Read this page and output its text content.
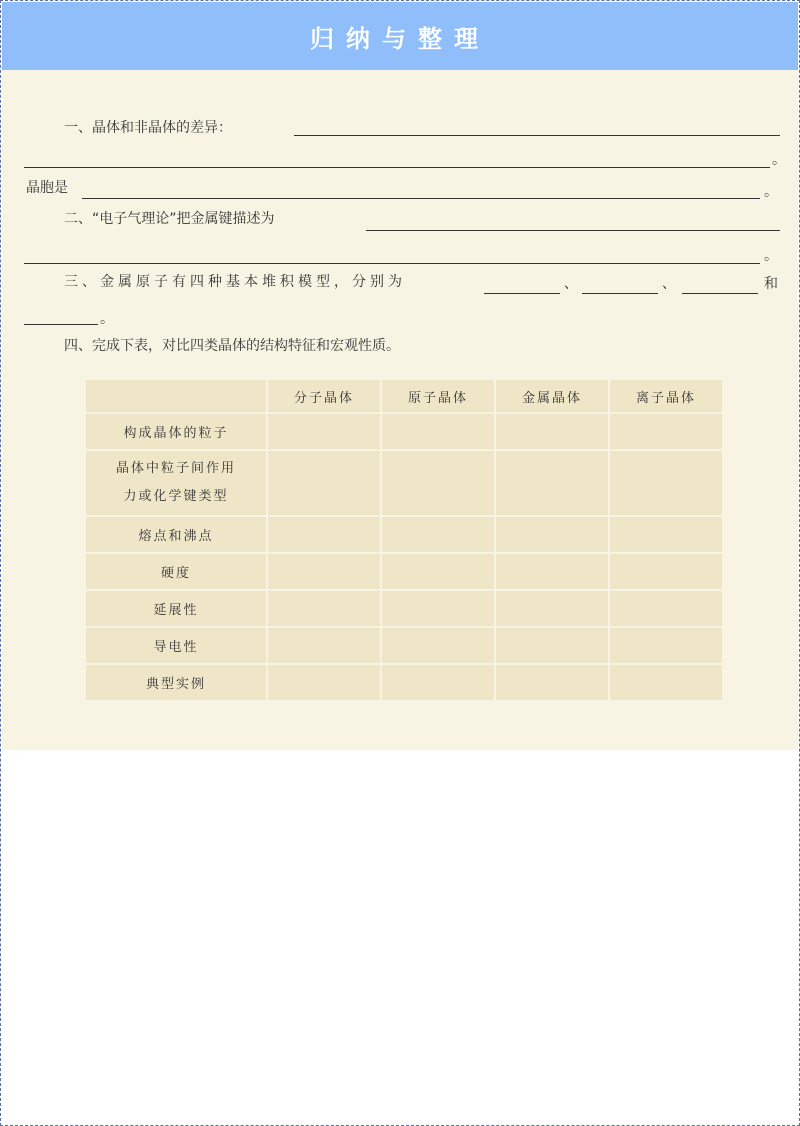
归纳与整理
一、晶体和非晶体的差异：
。
晶胞是	。
二、“电子气理论”把金属键描述为
。
三、金属原子有四种基本堆积模型，分别为	、	、	和
。
四、完成下表，对比四类晶体的结构特征和宏观性质。
	分子晶体	原子晶体	金属晶体	离子晶体
构成晶体的粒子				

晶体中粒子间作用
力或化学键类型				

熔点和沸点				
硬度				
延展性				
导电性				
典型实例				
